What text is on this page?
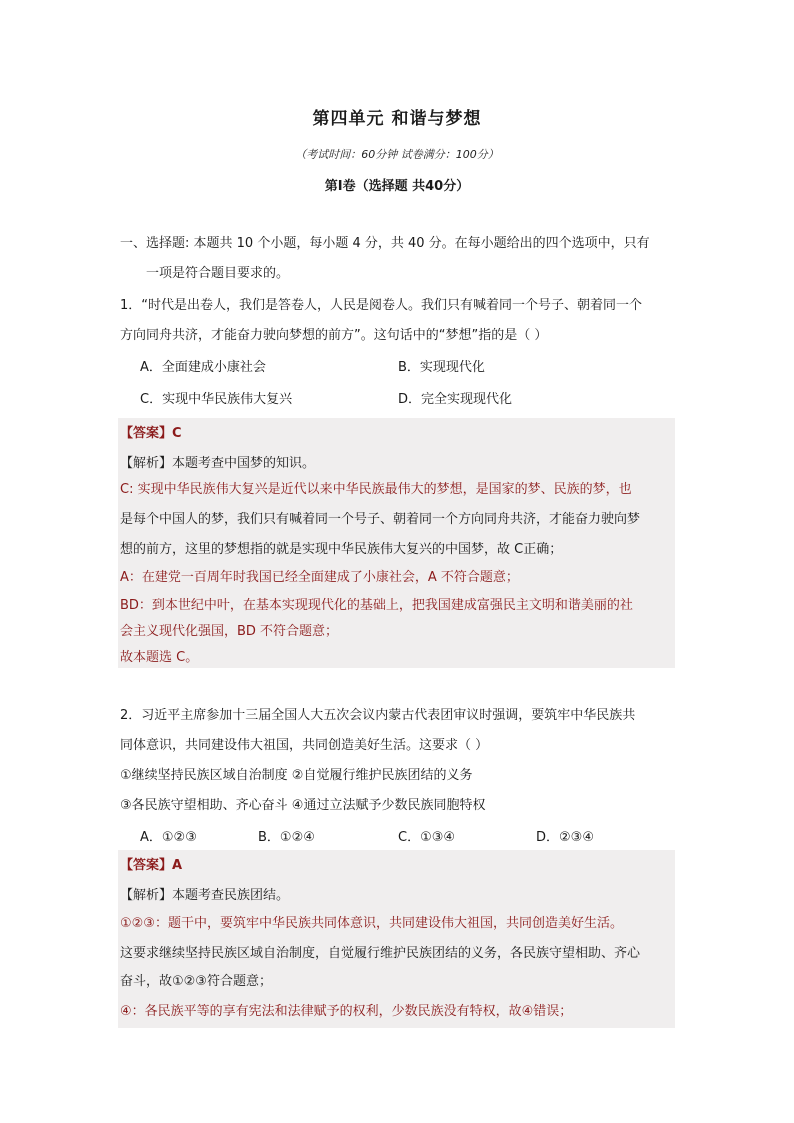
第四单元 和谐与梦想
（考试时间：60分钟 试卷满分：100分）
第Ⅰ卷（选择题 共40分）
一、选择题: 本题共 10 个小题，每小题 4 分，共 40 分。在每小题给出的四个选项中，只有
一项是符合题目要求的。
1．“时代是出卷人，我们是答卷人，人民是阅卷人。我们只有喊着同一个号子、朝着同一个
方向同舟共济，才能奋力驶向梦想的前方”。这句话中的“梦想”指的是（ ）
A．全面建成小康社会	B．实现现代化
C．实现中华民族伟大复兴	D．完全实现现代化
【答案】C
【解析】本题考查中国梦的知识。
C: 实现中华民族伟大复兴是近代以来中华民族最伟大的梦想，是国家的梦、民族的梦，也
是每个中国人的梦，我们只有喊着同一个号子、朝着同一个方向同舟共济，才能奋力驶向梦
想的前方，这里的梦想指的就是实现中华民族伟大复兴的中国梦，故 C正确；
A：在建党一百周年时我国已经全面建成了小康社会，A 不符合题意；
BD：到本世纪中叶，在基本实现现代化的基础上，把我国建成富强民主文明和谐美丽的社
会主义现代化强国，BD 不符合题意；
故本题选 C。
2．习近平主席参加十三届全国人大五次会议内蒙古代表团审议时强调，要筑牢中华民族共
同体意识，共同建设伟大祖国，共同创造美好生活。这要求（ ）
①继续坚持民族区域自治制度 ②自觉履行维护民族团结的义务
③各民族守望相助、齐心奋斗 ④通过立法赋予少数民族同胞特权
A．①②③	B．①②④	C．①③④	D．②③④
【答案】A
【解析】本题考查民族团结。
①②③：题干中，要筑牢中华民族共同体意识，共同建设伟大祖国，共同创造美好生活。
这要求继续坚持民族区域自治制度，自觉履行维护民族团结的义务，各民族守望相助、齐心
奋斗，故①②③符合题意；
④：各民族平等的享有宪法和法律赋予的权利，少数民族没有特权，故④错误；
